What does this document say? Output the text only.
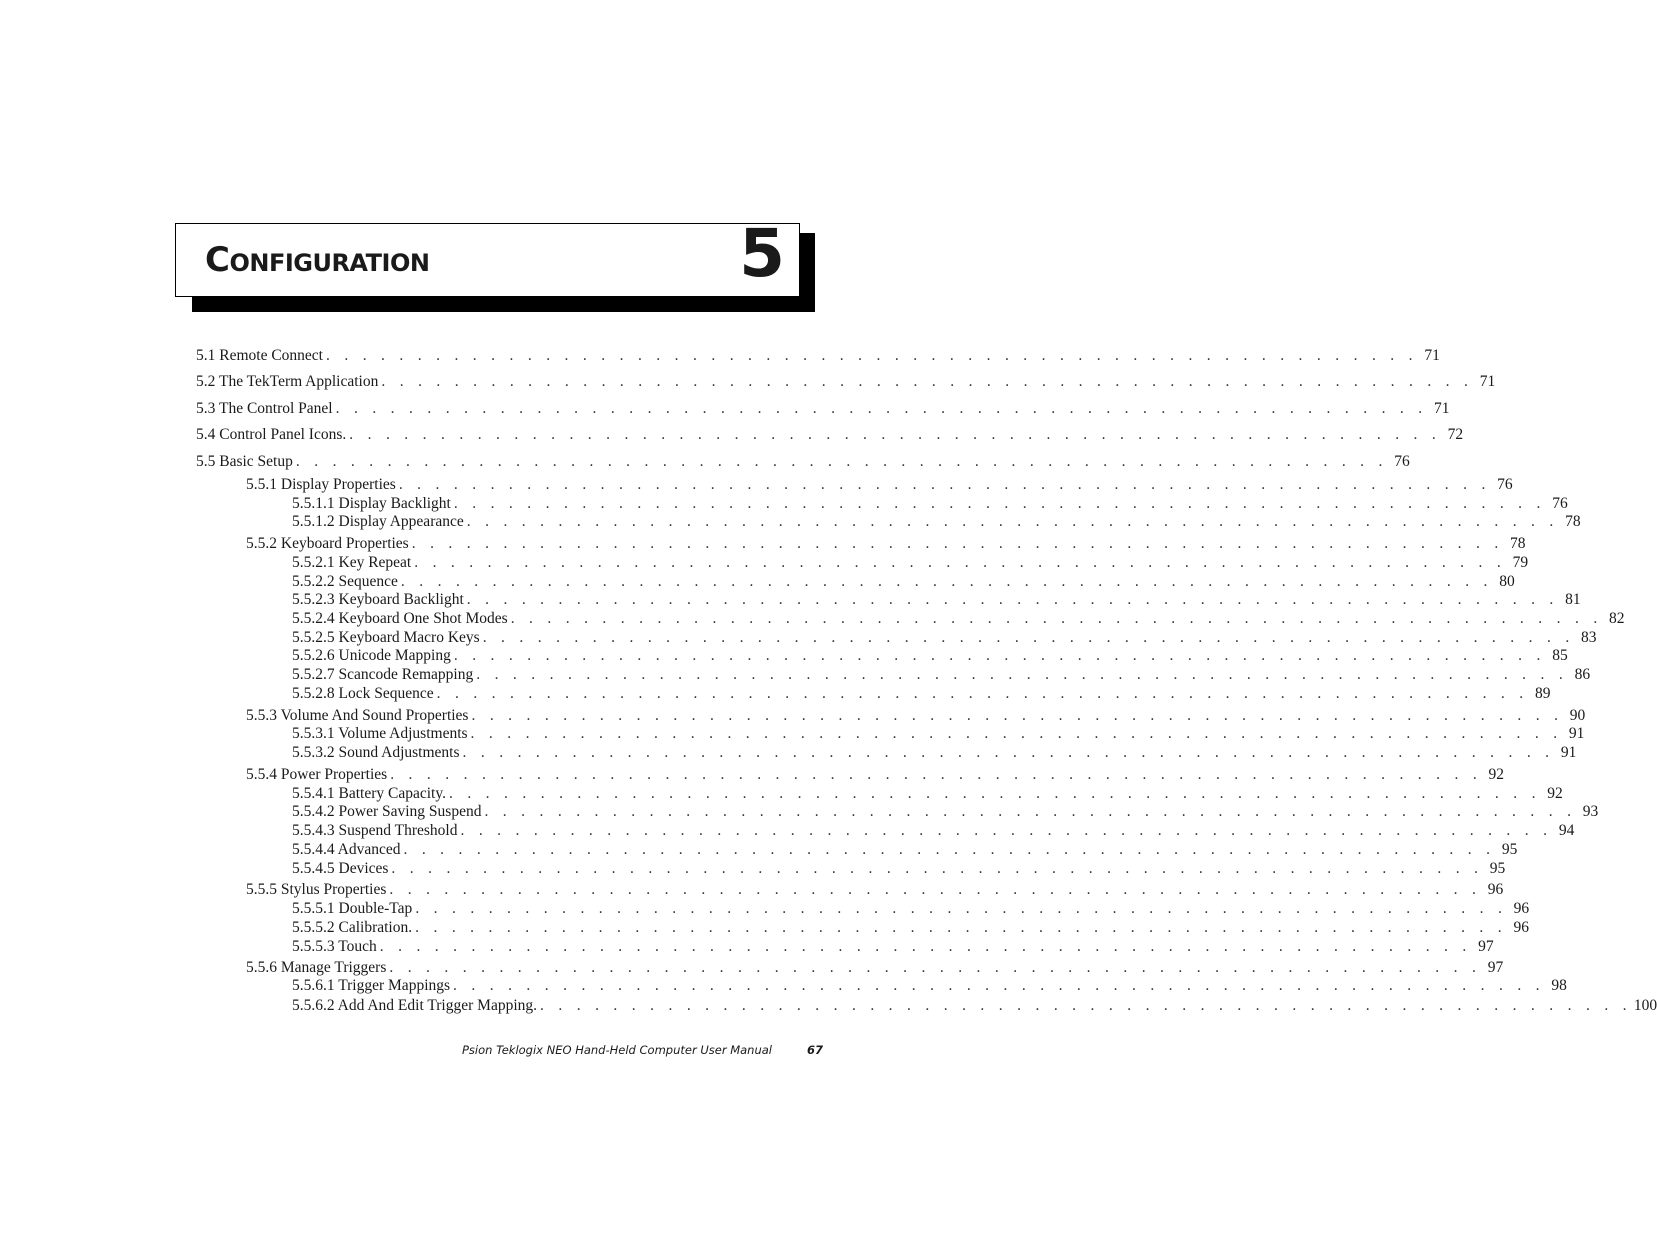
Configuration	5
5.1 Remote Connect . . . . . . . . . . . . . . . . . . . . . . . . . . . . . . . . . . . . . . . . . . . . . . . . . . . . . . . . . . . . 71
5.2 The TekTerm Application . . . . . . . . . . . . . . . . . . . . . . . . . . . . . . . . . . . . . . . . . . . . . . . . . . . . . . . . . . . . 71
5.3 The Control Panel . . . . . . . . . . . . . . . . . . . . . . . . . . . . . . . . . . . . . . . . . . . . . . . . . . . . . . . . . . . . 71
5.4 Control Panel Icons. . . . . . . . . . . . . . . . . . . . . . . . . . . . . . . . . . . . . . . . . . . . . . . . . . . . . . . . . . . . . 72
5.5 Basic Setup . . . . . . . . . . . . . . . . . . . . . . . . . . . . . . . . . . . . . . . . . . . . . . . . . . . . . . . . . . . . 76
5.5.1 Display Properties . . . . . . . . . . . . . . . . . . . . . . . . . . . . . . . . . . . . . . . . . . . . . . . . . . . . . . . . . . . . 76
5.5.1.1 Display Backlight . . . . . . . . . . . . . . . . . . . . . . . . . . . . . . . . . . . . . . . . . . . . . . . . . . . . . . . . . . . . 76
5.5.1.2 Display Appearance . . . . . . . . . . . . . . . . . . . . . . . . . . . . . . . . . . . . . . . . . . . . . . . . . . . . . . . . . . . . 78
5.5.2 Keyboard Properties . . . . . . . . . . . . . . . . . . . . . . . . . . . . . . . . . . . . . . . . . . . . . . . . . . . . . . . . . . . . 78
5.5.2.1 Key Repeat . . . . . . . . . . . . . . . . . . . . . . . . . . . . . . . . . . . . . . . . . . . . . . . . . . . . . . . . . . . . 79
5.5.2.2 Sequence . . . . . . . . . . . . . . . . . . . . . . . . . . . . . . . . . . . . . . . . . . . . . . . . . . . . . . . . . . . . 80
5.5.2.3 Keyboard Backlight . . . . . . . . . . . . . . . . . . . . . . . . . . . . . . . . . . . . . . . . . . . . . . . . . . . . . . . . . . . . 81
5.5.2.4 Keyboard One Shot Modes . . . . . . . . . . . . . . . . . . . . . . . . . . . . . . . . . . . . . . . . . . . . . . . . . . . . . . . . . . . . 82
5.5.2.5 Keyboard Macro Keys . . . . . . . . . . . . . . . . . . . . . . . . . . . . . . . . . . . . . . . . . . . . . . . . . . . . . . . . . . . . 83
5.5.2.6 Unicode Mapping . . . . . . . . . . . . . . . . . . . . . . . . . . . . . . . . . . . . . . . . . . . . . . . . . . . . . . . . . . . . 85
5.5.2.7 Scancode Remapping . . . . . . . . . . . . . . . . . . . . . . . . . . . . . . . . . . . . . . . . . . . . . . . . . . . . . . . . . . . . 86
5.5.2.8 Lock Sequence . . . . . . . . . . . . . . . . . . . . . . . . . . . . . . . . . . . . . . . . . . . . . . . . . . . . . . . . . . . . 89
5.5.3 Volume And Sound Properties . . . . . . . . . . . . . . . . . . . . . . . . . . . . . . . . . . . . . . . . . . . . . . . . . . . . . . . . . . . . 90
5.5.3.1 Volume Adjustments . . . . . . . . . . . . . . . . . . . . . . . . . . . . . . . . . . . . . . . . . . . . . . . . . . . . . . . . . . . . 91
5.5.3.2 Sound Adjustments . . . . . . . . . . . . . . . . . . . . . . . . . . . . . . . . . . . . . . . . . . . . . . . . . . . . . . . . . . . . 91
5.5.4 Power Properties . . . . . . . . . . . . . . . . . . . . . . . . . . . . . . . . . . . . . . . . . . . . . . . . . . . . . . . . . . . . 92
5.5.4.1 Battery Capacity. . . . . . . . . . . . . . . . . . . . . . . . . . . . . . . . . . . . . . . . . . . . . . . . . . . . . . . . . . . . . 92
5.5.4.2 Power Saving Suspend . . . . . . . . . . . . . . . . . . . . . . . . . . . . . . . . . . . . . . . . . . . . . . . . . . . . . . . . . . . . 93
5.5.4.3 Suspend Threshold . . . . . . . . . . . . . . . . . . . . . . . . . . . . . . . . . . . . . . . . . . . . . . . . . . . . . . . . . . . . 94
5.5.4.4 Advanced . . . . . . . . . . . . . . . . . . . . . . . . . . . . . . . . . . . . . . . . . . . . . . . . . . . . . . . . . . . . 95
5.5.4.5 Devices . . . . . . . . . . . . . . . . . . . . . . . . . . . . . . . . . . . . . . . . . . . . . . . . . . . . . . . . . . . . 95
5.5.5 Stylus Properties . . . . . . . . . . . . . . . . . . . . . . . . . . . . . . . . . . . . . . . . . . . . . . . . . . . . . . . . . . . . 96
5.5.5.1 Double-Tap . . . . . . . . . . . . . . . . . . . . . . . . . . . . . . . . . . . . . . . . . . . . . . . . . . . . . . . . . . . . 96
5.5.5.2 Calibration. . . . . . . . . . . . . . . . . . . . . . . . . . . . . . . . . . . . . . . . . . . . . . . . . . . . . . . . . . . . . 96
5.5.5.3 Touch . . . . . . . . . . . . . . . . . . . . . . . . . . . . . . . . . . . . . . . . . . . . . . . . . . . . . . . . . . . . 97
5.5.6 Manage Triggers . . . . . . . . . . . . . . . . . . . . . . . . . . . . . . . . . . . . . . . . . . . . . . . . . . . . . . . . . . . . 97
5.5.6.1 Trigger Mappings . . . . . . . . . . . . . . . . . . . . . . . . . . . . . . . . . . . . . . . . . . . . . . . . . . . . . . . . . . . . 98
5.5.6.2 Add And Edit Trigger Mapping. . . . . . . . . . . . . . . . . . . . . . . . . . . . . . . . . . . . . . . . . . . . . . . . . . . . . . . . . . . . . 100
Psion Teklogix NEO Hand-Held Computer User Manual	67
